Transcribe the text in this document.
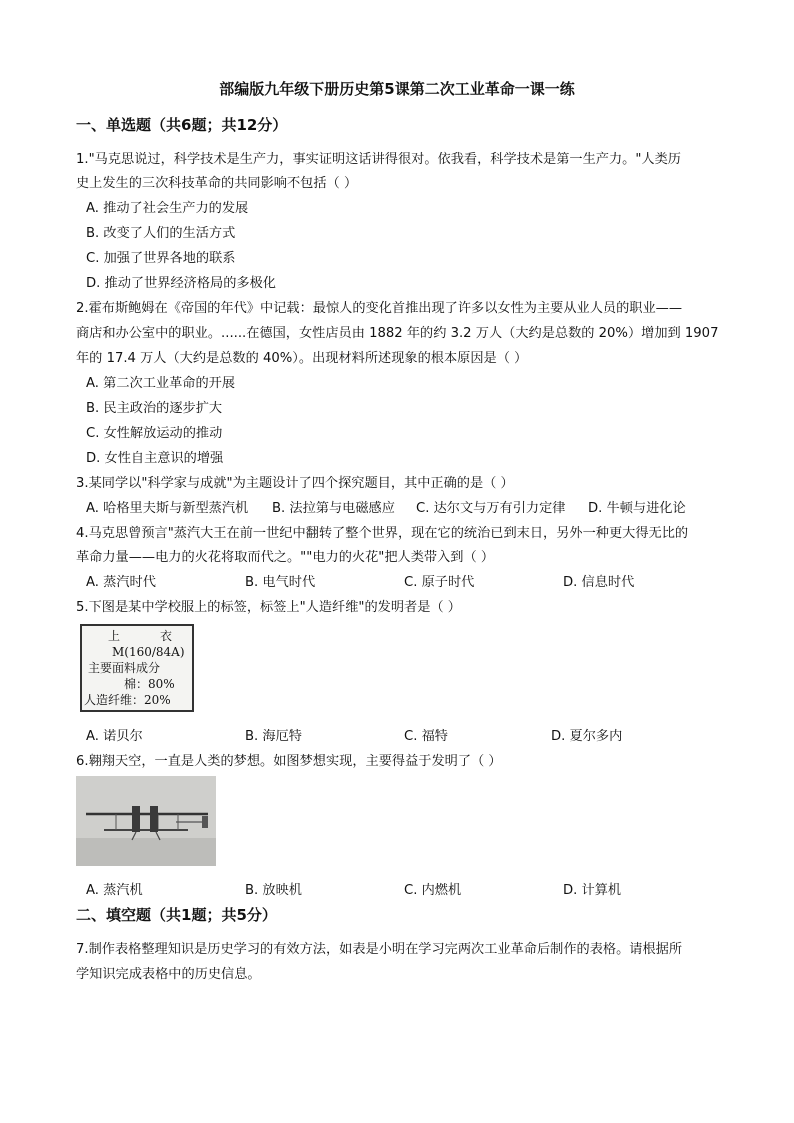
部编版九年级下册历史第5课第二次工业革命一课一练
一、单选题（共6题；共12分）
1."马克思说过，科学技术是生产力，事实证明这话讲得很对。依我看，科学技术是第一生产力。"人类历
史上发生的三次科技革命的共同影响不包括（ ）
A. 推动了社会生产力的发展
B. 改变了人们的生活方式
C. 加强了世界各地的联系
D. 推动了世界经济格局的多极化
2.霍布斯鲍姆在《帝国的年代》中记载：最惊人的变化首推出现了许多以女性为主要从业人员的职业——
商店和办公室中的职业。......在德国，女性店员由 1882 年的约 3.2 万人（大约是总数的 20%）增加到 1907
年的 17.4 万人（大约是总数的 40%）。出现材料所述现象的根本原因是（ ）
A. 第二次工业革命的开展
B. 民主政治的逐步扩大
C. 女性解放运动的推动
D. 女性自主意识的增强
3.某同学以"科学家与成就"为主题设计了四个探究题目，其中正确的是（ ）
A. 哈格里夫斯与新型蒸汽机 B. 法拉第与电磁感应 C. 达尔文与万有引力定律 D. 牛顿与进化论
4.马克思曾预言"蒸汽大王在前一世纪中翻转了整个世界，现在它的统治已到末日，另外一种更大得无比的
革命力量——电力的火花将取而代之。""电力的火花"把人类带入到（ ）
A. 蒸汽时代	B. 电气时代	C. 原子时代	D. 信息时代
5.下图是某中学校服上的标签，标签上"人造纤维"的发明者是（ ）
上	衣
M(160/84A)
主要面料成分
棉：80%
人造纤维：20%
A. 诺贝尔	B. 海厄特	C. 福特	D. 夏尔多内
6.翱翔天空，一直是人类的梦想。如图梦想实现，主要得益于发明了（ ）
A. 蒸汽机	B. 放映机	C. 内燃机	D. 计算机
二、填空题（共1题；共5分）
7.制作表格整理知识是历史学习的有效方法，如表是小明在学习完两次工业革命后制作的表格。请根据所
学知识完成表格中的历史信息。
